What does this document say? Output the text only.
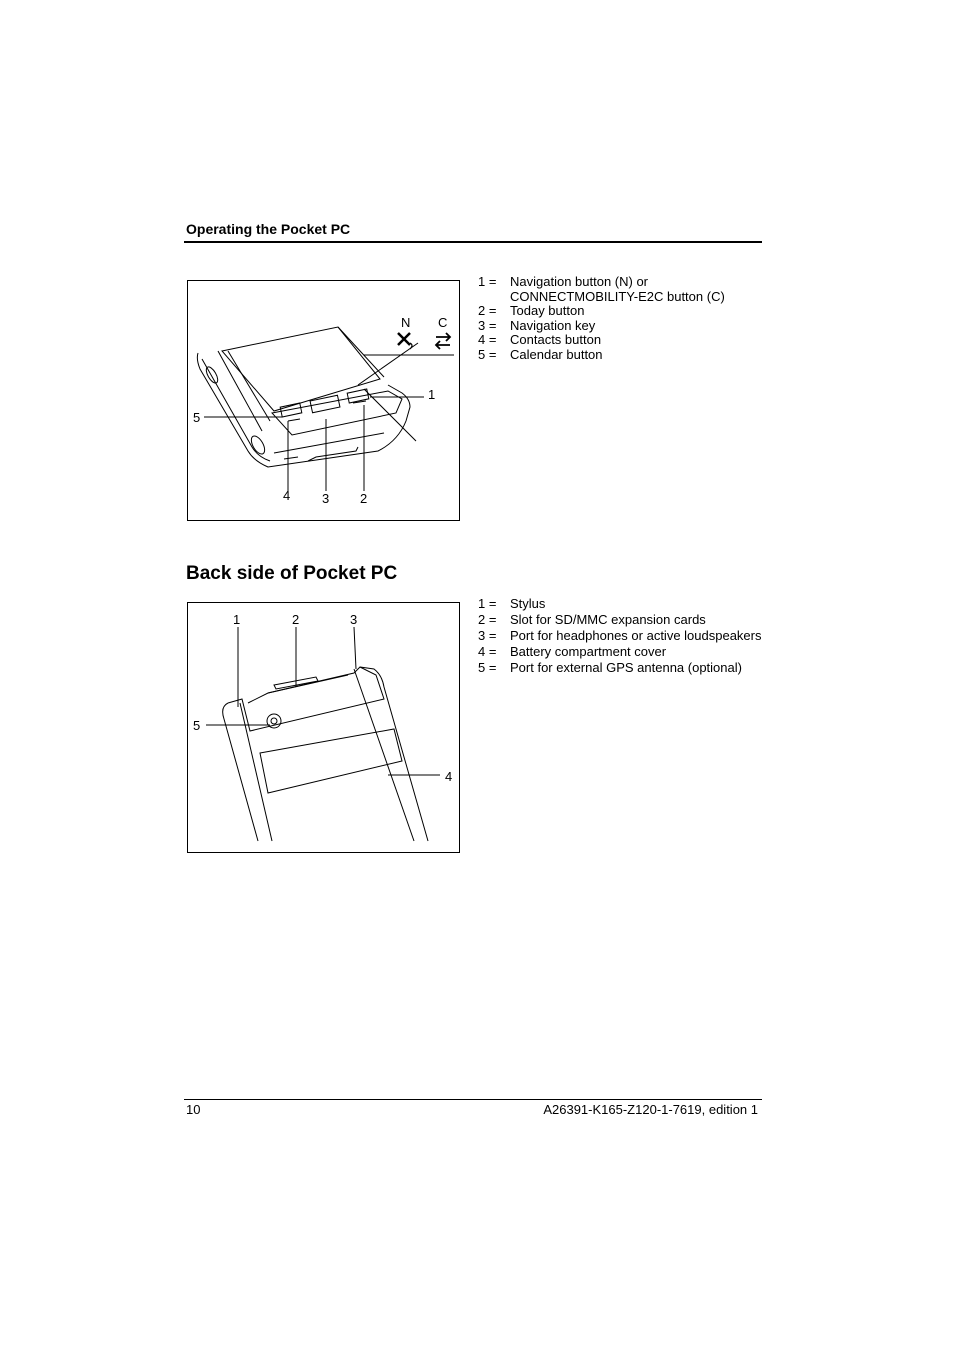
Operating the Pocket PC
N C
1
2
3
4
5
1 =	Navigation button (N) or
CONNECTMOBILITY-E2C button (C)
2 =	Today button
3 =	Navigation key
4 =	Contacts button
5 =	Calendar button
Back side of Pocket PC
1	2	3
4
5
1 =	Stylus
2 =	Slot for SD/MMC expansion cards
3 =	Port for headphones or active loudspeakers
4 =	Battery compartment cover
5 =	Port for external GPS antenna (optional)
10	A26391-K165-Z120-1-7619, edition 1
